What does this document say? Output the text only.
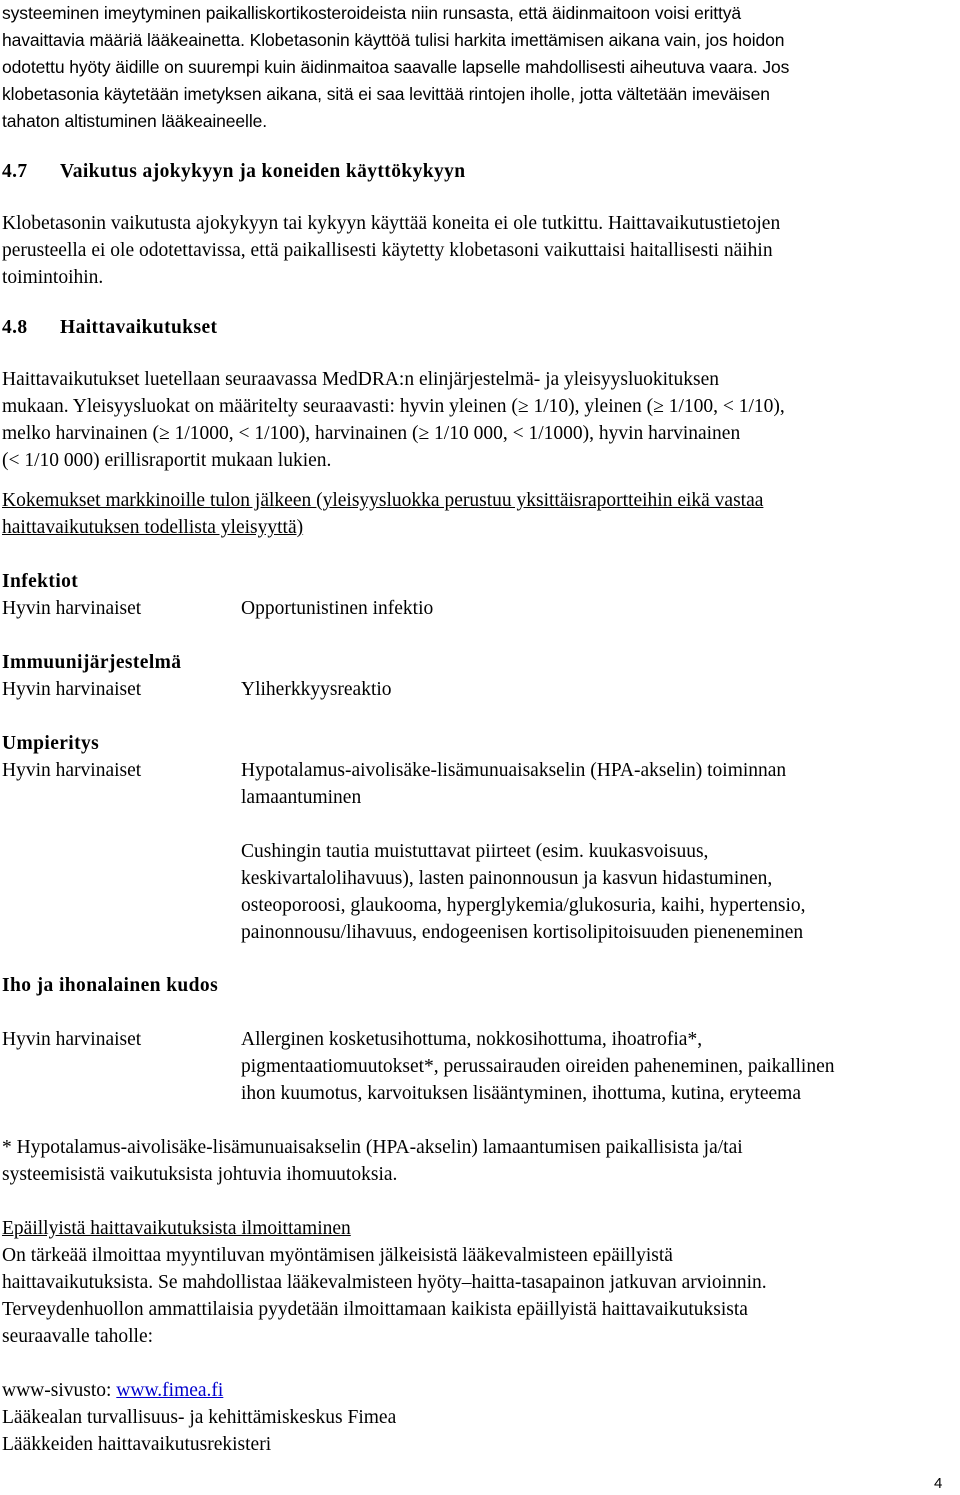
systeeminen imeytyminen paikalliskortikosteroideista niin runsasta, että äidinmaitoon voisi erittyä
havaittavia määriä lääkeainetta. Klobetasonin käyttöä tulisi harkita imettämisen aikana vain, jos hoidon
odotettu hyöty äidille on suurempi kuin äidinmaitoa saavalle lapselle mahdollisesti aiheutuva vaara. Jos
klobetasonia käytetään imetyksen aikana, sitä ei saa levittää rintojen iholle, jotta vältetään imeväisen
tahaton altistuminen lääkeaineelle.
4.7 Vaikutus ajokykyyn ja koneiden käyttökykyyn
Klobetasonin vaikutusta ajokykyyn tai kykyyn käyttää koneita ei ole tutkittu. Haittavaikutustietojen
perusteella ei ole odotettavissa, että paikallisesti käytetty klobetasoni vaikuttaisi haitallisesti näihin
toimintoihin.
4.8 Haittavaikutukset
Haittavaikutukset luetellaan seuraavassa MedDRA:n elinjärjestelmä- ja yleisyysluokituksen
mukaan. Yleisyysluokat on määritelty seuraavasti: hyvin yleinen (≥ 1/10), yleinen (≥ 1/100, < 1/10),
melko harvinainen (≥ 1/1000, < 1/100), harvinainen (≥ 1/10 000, < 1/1000), hyvin harvinainen
(< 1/10 000) erillisraportit mukaan lukien.
Kokemukset markkinoille tulon jälkeen (yleisyysluokka perustuu yksittäisraportteihin eikä vastaa
haittavaikutuksen todellista yleisyyttä)
Infektiot
Hyvin harvinaiset	Opportunistinen infektio
Immuunijärjestelmä
Hyvin harvinaiset	Yliherkkyysreaktio
Umpieritys
Hyvin harvinaiset	Hypotalamus-aivolisäke-lisämunuaisakselin (HPA-akselin) toiminnan
lamaantuminen
Cushingin tautia muistuttavat piirteet (esim. kuukasvoisuus,
keskivartalolihavuus), lasten painonnousun ja kasvun hidastuminen,
osteoporoosi, glaukooma, hyperglykemia/glukosuria, kaihi, hypertensio,
painonnousu/lihavuus, endogeenisen kortisolipitoisuuden pieneneminen
Iho ja ihonalainen kudos
Hyvin harvinaiset	Allerginen kosketusihottuma, nokkosihottuma, ihoatrofia*,
pigmentaatiomuutokset*, perussairauden oireiden paheneminen, paikallinen
ihon kuumotus, karvoituksen lisääntyminen, ihottuma, kutina, eryteema
* Hypotalamus-aivolisäke-lisämunuaisakselin (HPA-akselin) lamaantumisen paikallisista ja/tai
systeemisistä vaikutuksista johtuvia ihomuutoksia.
Epäillyistä haittavaikutuksista ilmoittaminen
On tärkeää ilmoittaa myyntiluvan myöntämisen jälkeisistä lääkevalmisteen epäillyistä
haittavaikutuksista. Se mahdollistaa lääkevalmisteen hyöty–haitta-tasapainon jatkuvan arvioinnin.
Terveydenhuollon ammattilaisia pyydetään ilmoittamaan kaikista epäillyistä haittavaikutuksista
seuraavalle taholle:
www-sivusto: www.fimea.fi
Lääkealan turvallisuus- ja kehittämiskeskus Fimea
Lääkkeiden haittavaikutusrekisteri
4
